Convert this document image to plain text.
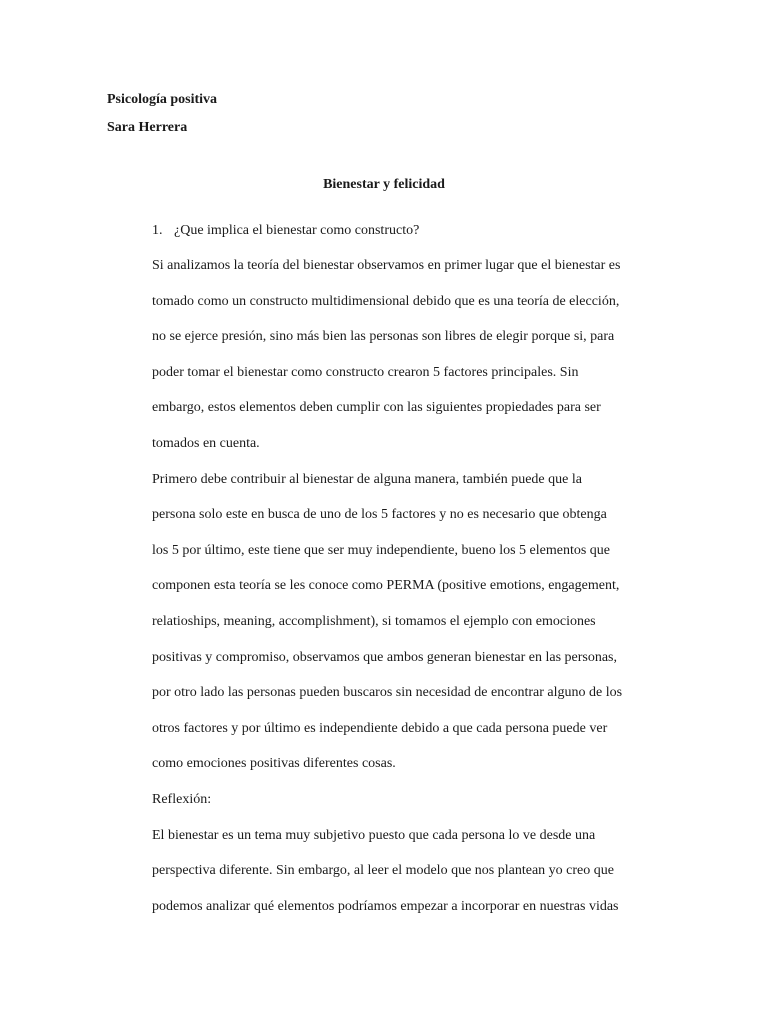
Psicología positiva
Sara Herrera
Bienestar y felicidad
1. ¿Que implica el bienestar como constructo?
Si analizamos la teoría del bienestar observamos en primer lugar que el bienestar es
tomado como un constructo multidimensional debido que es una teoría de elección,
no se ejerce presión, sino más bien las personas son libres de elegir porque si, para
poder tomar el bienestar como constructo crearon 5 factores principales. Sin
embargo, estos elementos deben cumplir con las siguientes propiedades para ser
tomados en cuenta.
Primero debe contribuir al bienestar de alguna manera, también puede que la
persona solo este en busca de uno de los 5 factores y no es necesario que obtenga
los 5 por último, este tiene que ser muy independiente, bueno los 5 elementos que
componen esta teoría se les conoce como PERMA (positive emotions, engagement,
relatioships, meaning, accomplishment), si tomamos el ejemplo con emociones
positivas y compromiso, observamos que ambos generan bienestar en las personas,
por otro lado las personas pueden buscaros sin necesidad de encontrar alguno de los
otros factores y por último es independiente debido a que cada persona puede ver
como emociones positivas diferentes cosas.
Reflexión:
El bienestar es un tema muy subjetivo puesto que cada persona lo ve desde una
perspectiva diferente. Sin embargo, al leer el modelo que nos plantean yo creo que
podemos analizar qué elementos podríamos empezar a incorporar en nuestras vidas
